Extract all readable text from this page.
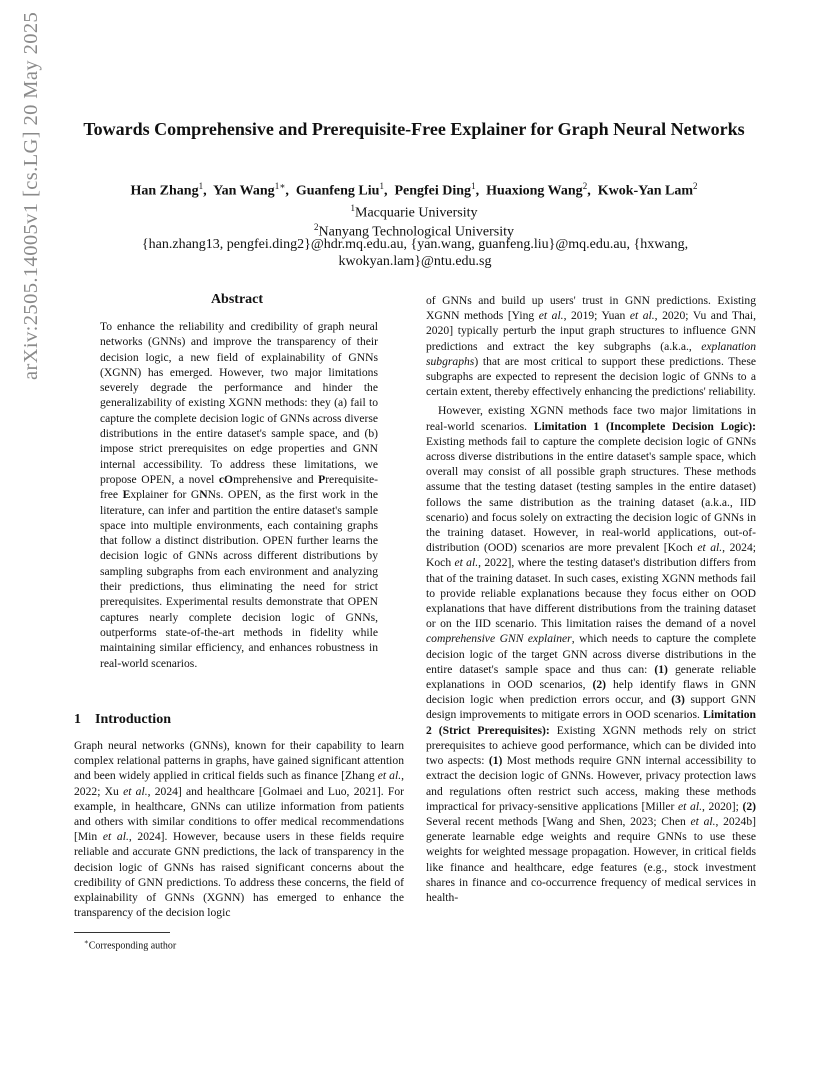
arXiv:2505.14005v1 [cs.LG] 20 May 2025 Towards Comprehensive and Prerequisite-Free Explainer for Graph Neural Networks
Han Zhang$^1$,  Yan Wang$^{1∗}$,  Guanfeng Liu$^1$,  Pengfei Ding$^1$,  Huaxiong Wang$^2$,  Kwok-Yan Lam$^2$
$^1$Macquarie University
$^2$Nanyang Technological University
{han.zhang13, pengfei.ding2}@hdr.mq.edu.au, {yan.wang, guanfeng.liu}@mq.edu.au, {hxwang, kwokyan.lam}@ntu.edu.sg
Abstract
To enhance the reliability and credibility of graph neural networks (GNNs) and improve the transparency of their decision logic, a new field of explainability of GNNs (XGNN) has emerged. However, two major limitations severely degrade the performance and hinder the generalizability of existing XGNN methods: they (a) fail to capture the complete decision logic of GNNs across diverse distributions in the entire dataset's sample space, and (b) impose strict prerequisites on edge properties and GNN internal accessibility. To address these limitations, we propose OPEN, a novel cOmprehensive and Prerequisite-free Explainer for GNNs. OPEN, as the first work in the literature, can infer and partition the entire dataset's sample space into multiple environments, each containing graphs that follow a distinct distribution. OPEN further learns the decision logic of GNNs across different distributions by sampling subgraphs from each environment and analyzing their predictions, thus eliminating the need for strict prerequisites. Experimental results demonstrate that OPEN captures nearly complete decision logic of GNNs, outperforms state-of-the-art methods in fidelity while maintaining similar efficiency, and enhances robustness in real-world scenarios.
1 Introduction

Graph neural networks (GNNs), known for their capability to learn complex relational patterns in graphs, have gained significant attention and been widely applied in critical fields such as finance [Zhang et al., 2022; Xu et al., 2024] and healthcare [Golmaei and Luo, 2021]. For example, in healthcare, GNNs can utilize information from patients and others with similar conditions to offer medical recommendations [Min et al., 2024]. However, because users in these fields require reliable and accurate GNN predictions, the lack of transparency in the decision logic of GNNs has raised significant concerns about the credibility of GNN predictions. To address these concerns, the field of explainability of GNNs (XGNN) has emerged to enhance the transparency of the decision logic

of GNNs and build up users' trust in GNN predictions. Existing XGNN methods [Ying et al., 2019; Yuan et al., 2020; Vu and Thai, 2020] typically perturb the input graph structures to influence GNN predictions and extract the key subgraphs (a.k.a., explanation subgraphs) that are most critical to support these predictions. These subgraphs are expected to represent the decision logic of GNNs to a certain extent, thereby effectively enhancing the predictions' reliability.

However, existing XGNN methods face two major limitations in real-world scenarios. Limitation 1 (Incomplete Decision Logic): Existing methods fail to capture the complete decision logic of GNNs across diverse distributions in the entire dataset's sample space, which overall may consist of all possible graph structures. These methods assume that the testing dataset (testing samples in the entire dataset) follows the same distribution as the training dataset (a.k.a., IID scenario) and focus solely on extracting the decision logic of GNNs in the training dataset. However, in real-world applications, out-of-distribution (OOD) scenarios are more prevalent [Koch et al., 2024; Koch et al., 2022], where the testing dataset's distribution differs from that of the training dataset. In such cases, existing XGNN methods fail to provide reliable explanations because they focus either on OOD explanations that have different distributions from the training dataset or on the IID scenario. This limitation raises the demand of a novel comprehensive GNN explainer, which needs to capture the complete decision logic of the target GNN across diverse distributions in the entire dataset's sample space and thus can: (1) generate reliable explanations in OOD scenarios, (2) help identify flaws in GNN decision logic when prediction errors occur, and (3) support GNN design improvements to mitigate errors in OOD scenarios. Limitation 2 (Strict Prerequisites): Existing XGNN methods rely on strict prerequisites to achieve good performance, which can be divided into two aspects: (1) Most methods require GNN internal accessibility to extract the decision logic of GNNs. However, privacy protection laws and regulations often restrict such access, making these methods impractical for privacy-sensitive applications [Miller et al., 2020]; (2) Several recent methods [Wang and Shen, 2023; Chen et al., 2024b] generate learnable edge weights and require GNNs to use these weights for weighted message propagation. However, in critical fields like finance and healthcare, edge features (e.g., stock investment shares in finance and co-occurrence frequency of medical services in health-

∗Corresponding author
